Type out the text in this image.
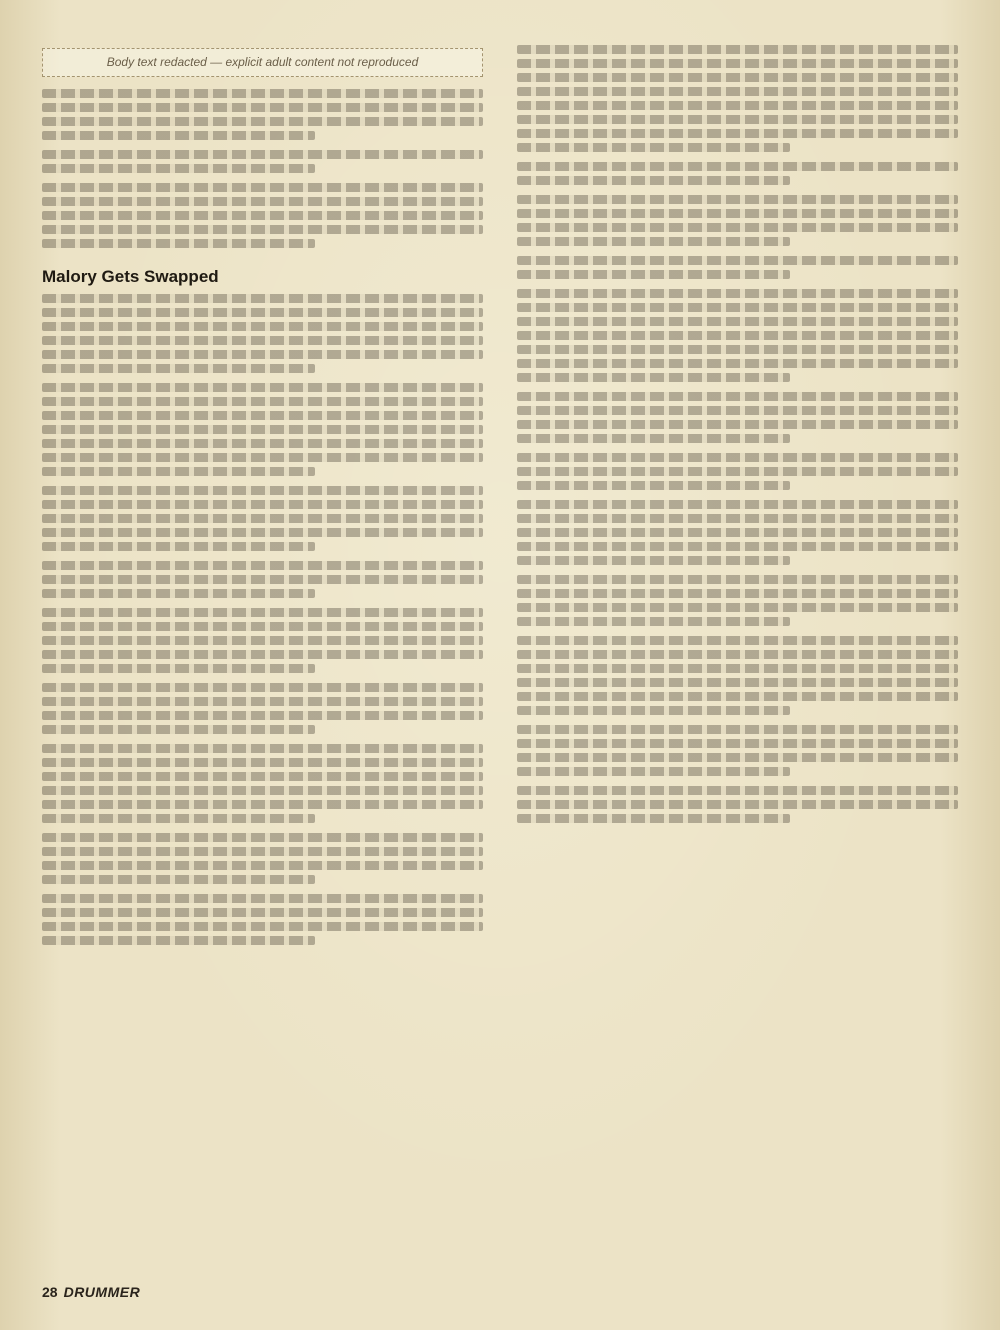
Body text redacted — explicit adult content not reproduced
Malory Gets Swapped
28 DRUMMER
